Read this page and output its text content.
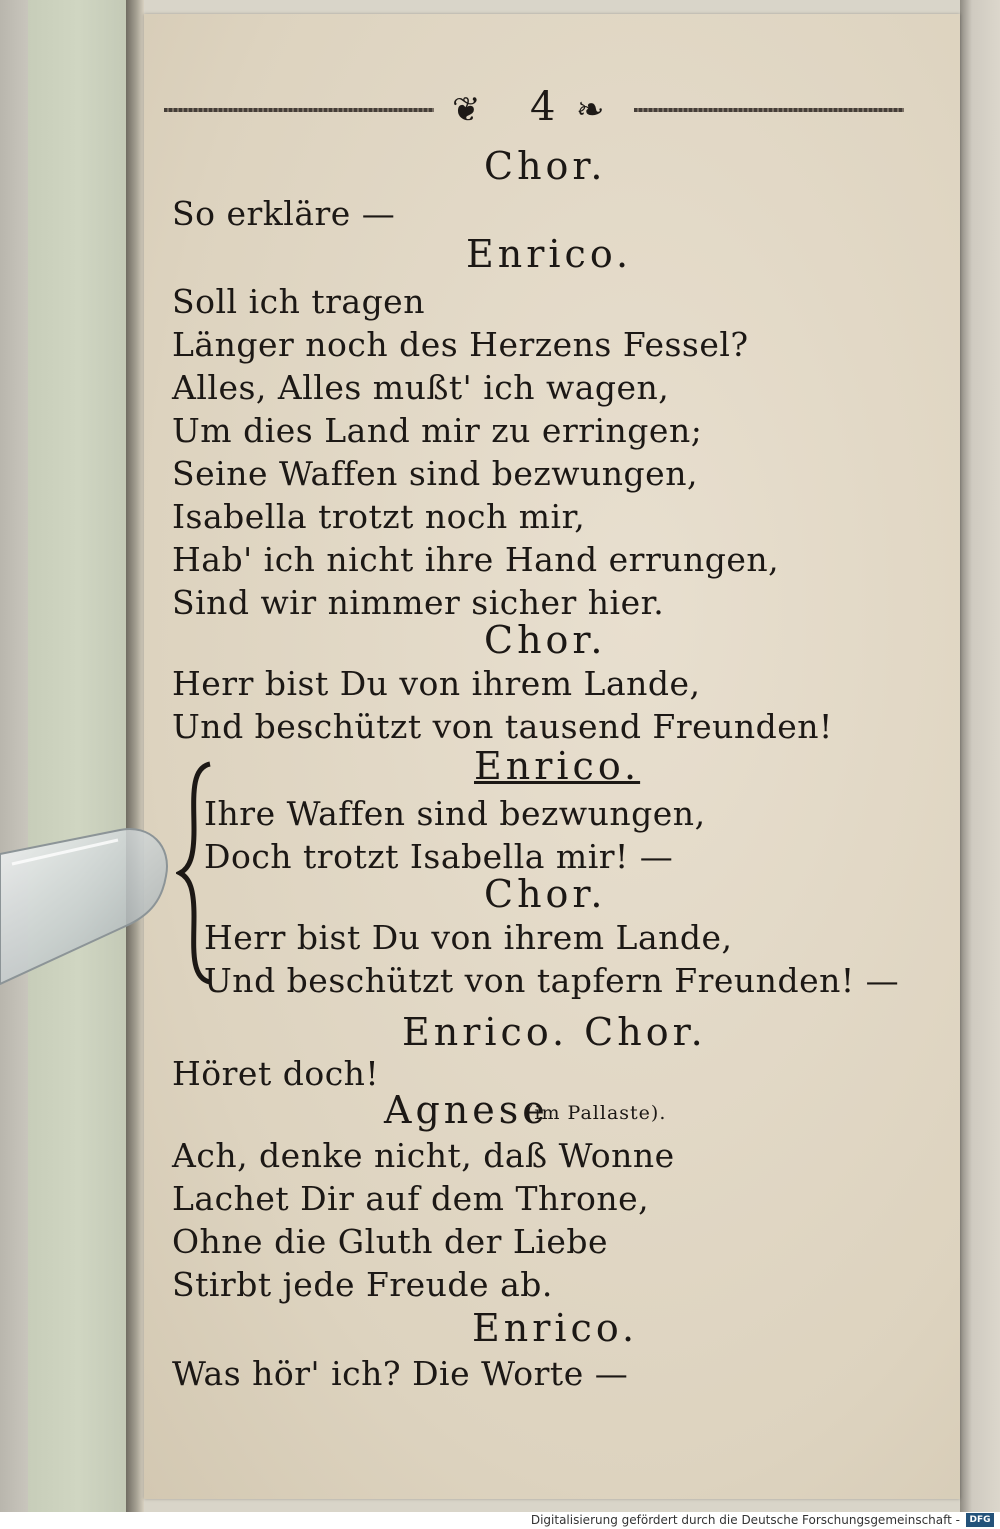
❦ 4 ❧
Chor.
So erkläre —
Enrico.
Soll ich tragen
Länger noch des Herzens Fessel?
Alles, Alles mußt' ich wagen,
Um dies Land mir zu erringen;
Seine Waffen sind bezwungen,
Isabella trotzt noch mir,
Hab' ich nicht ihre Hand errungen,
Sind wir nimmer sicher hier.
Chor.
Herr bist Du von ihrem Lande,
Und beschützt von tausend Freunden!
Enrico.
Ihre Waffen sind bezwungen,
Doch trotzt Isabella mir! —
Chor.
Herr bist Du von ihrem Lande,
Und beschützt von tapfern Freunden! —
Enrico. Chor.
Höret doch!
Agnese
(im Pallaste).
Ach, denke nicht, daß Wonne
Lachet Dir auf dem Throne,
Ohne die Gluth der Liebe
Stirbt jede Freude ab.
Enrico.
Was hör' ich? Die Worte —
Digitalisierung gefördert durch die Deutsche Forschungsgemeinschaft -	DFG
